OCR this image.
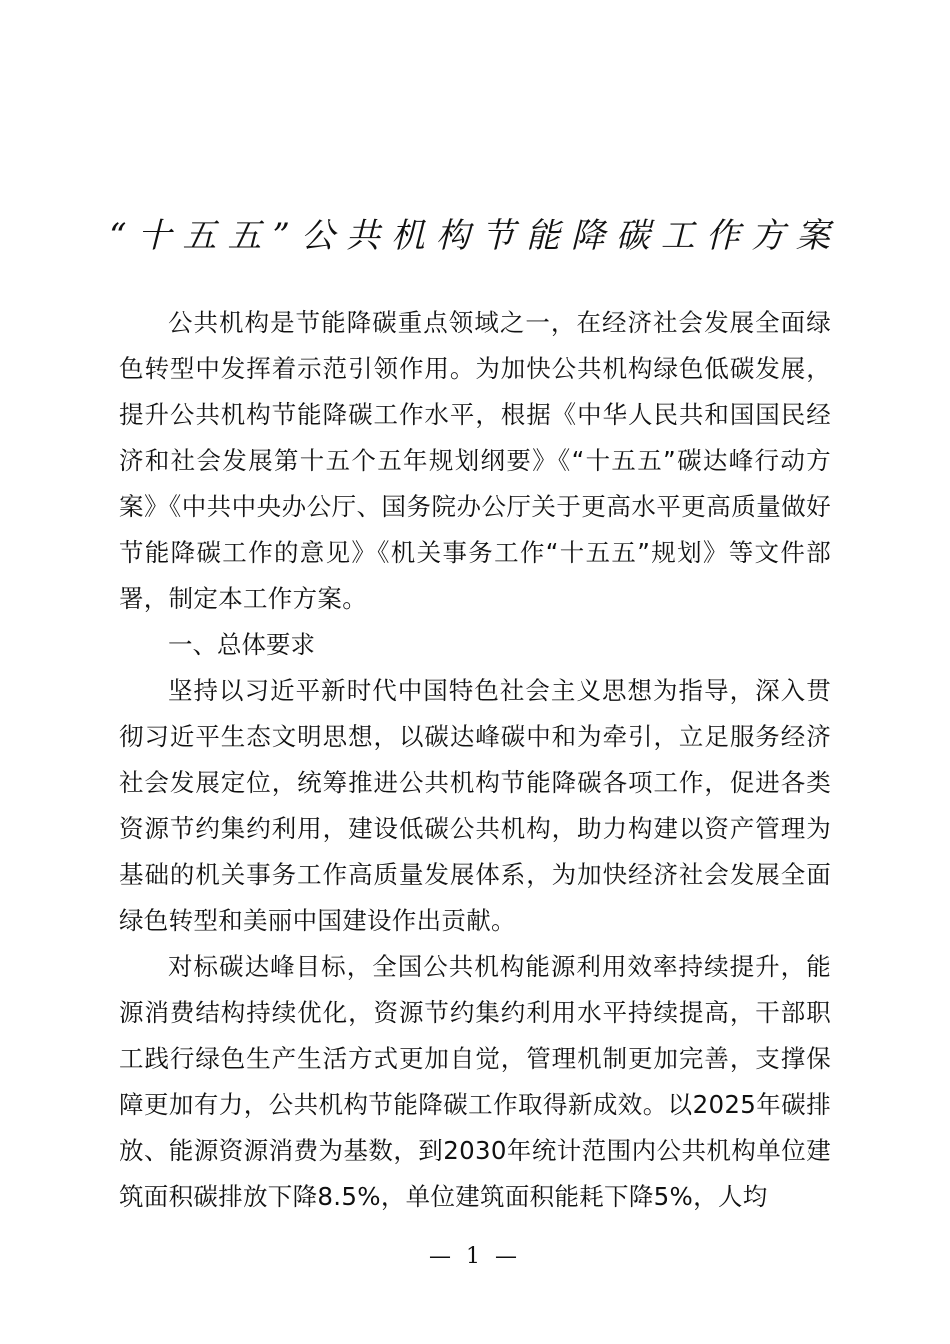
“十五五”公共机构节能降碳工作方案

公共机构是节能降碳重点领域之一，在经济社会发展全面绿色转型中发挥着示范引领作用。为加快公共机构绿色低碳发展，提升公共机构节能降碳工作水平，根据《中华人民共和国国民经济和社会发展第十五个五年规划纲要》《“十五五”碳达峰行动方案》《中共中央办公厅、国务院办公厅关于更高水平更高质量做好节能降碳工作的意见》《机关事务工作“十五五”规划》等文件部署，制定本工作方案。

一、总体要求

坚持以习近平新时代中国特色社会主义思想为指导，深入贯彻习近平生态文明思想，以碳达峰碳中和为牵引，立足服务经济社会发展定位，统筹推进公共机构节能降碳各项工作，促进各类资源节约集约利用，建设低碳公共机构，助力构建以资产管理为基础的机关事务工作高质量发展体系，为加快经济社会发展全面绿色转型和美丽中国建设作出贡献。

对标碳达峰目标，全国公共机构能源利用效率持续提升，能源消费结构持续优化，资源节约集约利用水平持续提高，干部职工践行绿色生产生活方式更加自觉，管理机制更加完善，支撑保障更加有力，公共机构节能降碳工作取得新成效。以2025年碳排放、能源资源消费为基数，到2030年统计范围内公共机构单位建筑面积碳排放下降8.5%，单位建筑面积能耗下降5%，人均

— 1 —
